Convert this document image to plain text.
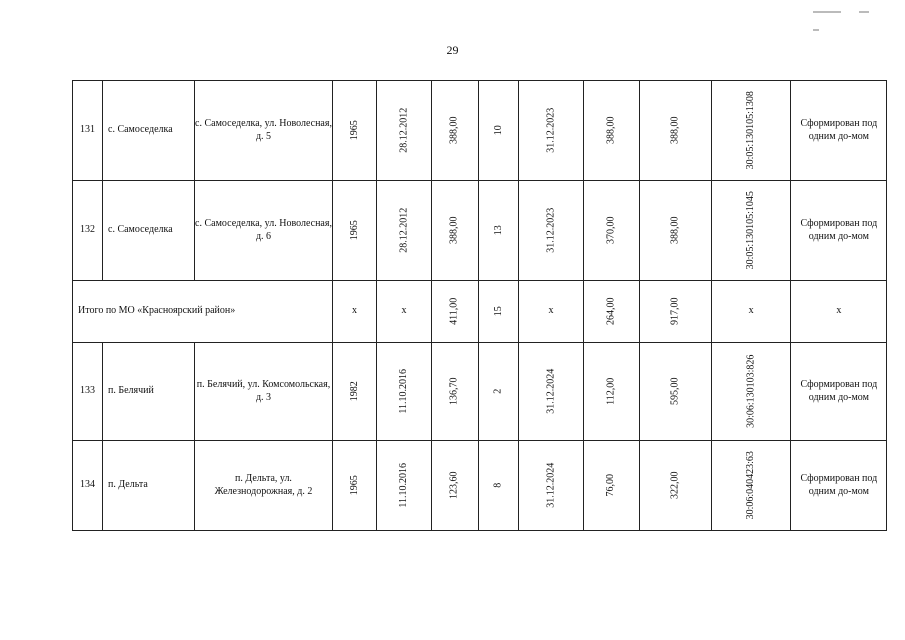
29
131	с. Самоседелка	с. Самоседелка, ул. Новолесная, д. 5	1965	28.12.2012	388,00	10	31.12.2023	388,00	388,00	30:05:130105:1308	Сформирован под одним до-мом

132	с. Самоседелка	с. Самоседелка, ул. Новолесная, д. 6	1965	28.12.2012	388,00	13	31.12.2023	370,00	388,00	30:05:130105:1045	Сформирован под одним до-мом

Итого по МО «Красноярский район»			x	x	411,00	15	x	264,00	917,00	x	x
133	п. Белячий	п. Белячий, ул. Комсомольская, д. 3	1982	11.10.2016	136,70	2	31.12.2024	112,00	595,00	30:06:130103:826	Сформирован под одним до-мом

134	п. Дельта	п. Дельта, ул. Железнодорожная, д. 2	1965	11.10.2016	123,60	8	31.12.2024	76,00	322,00	30:06:040423:63	Сформирован под одним до-мом
